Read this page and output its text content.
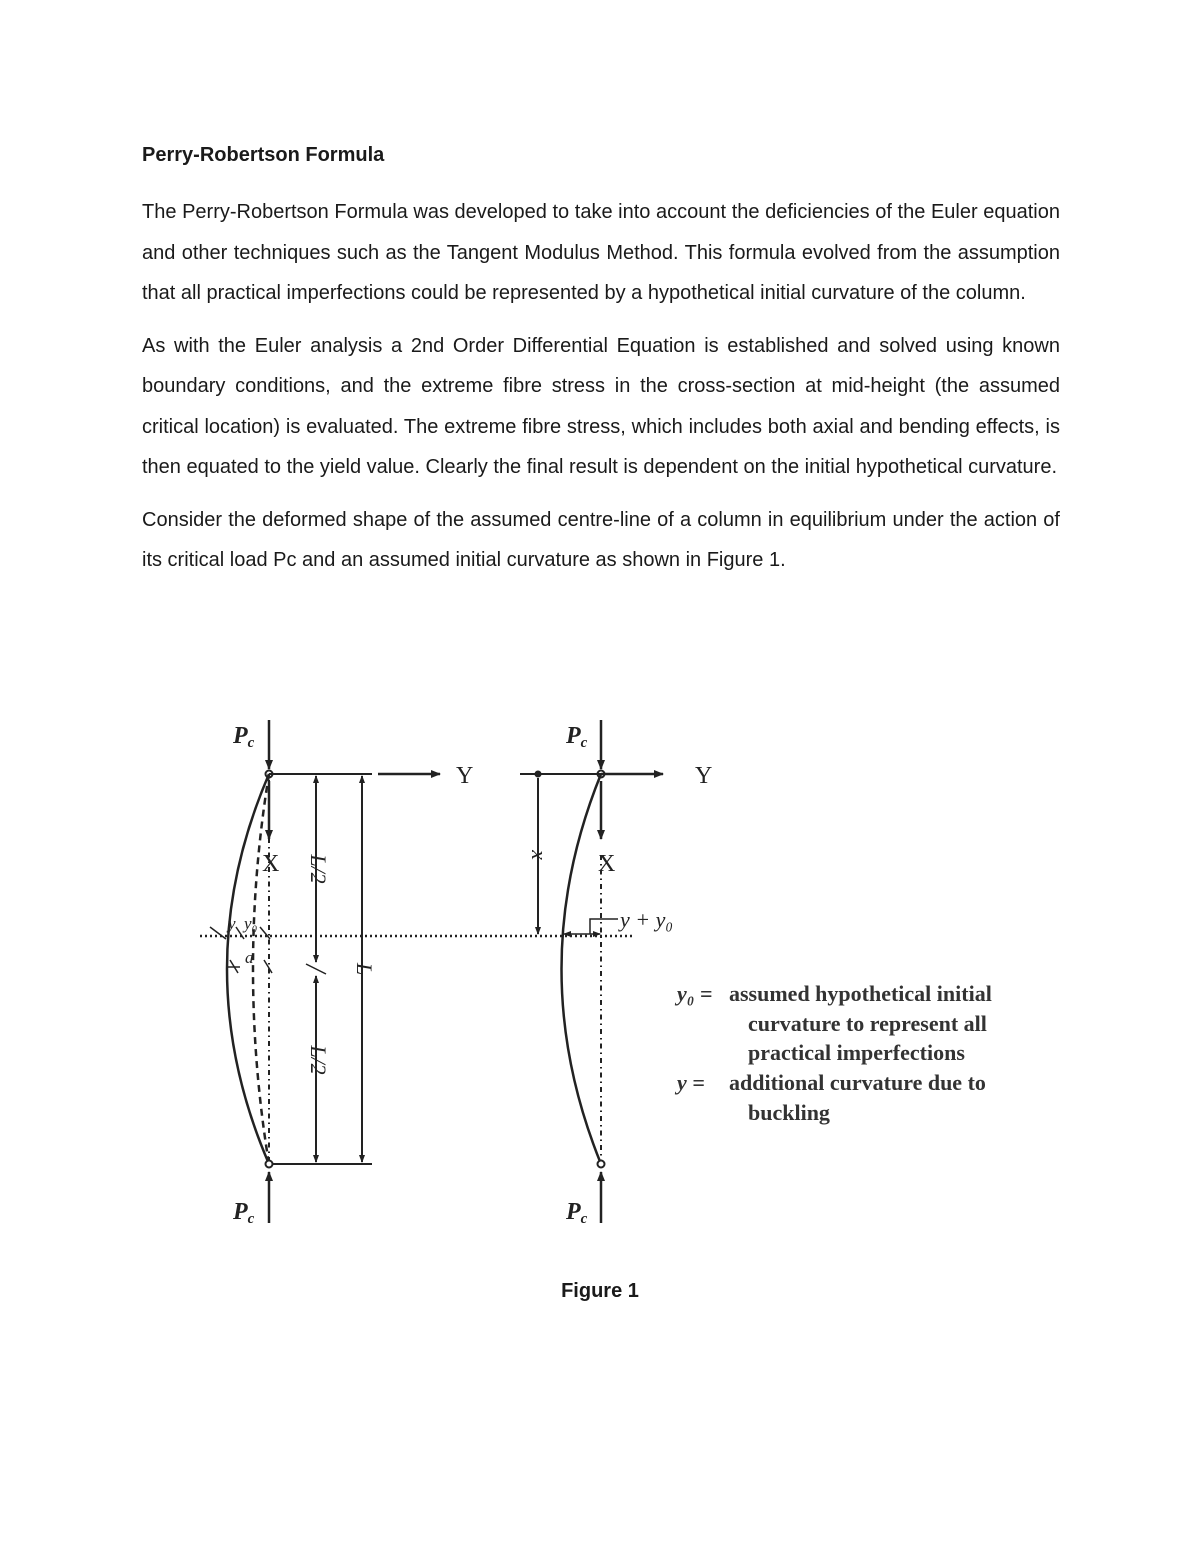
Perry-Robertson Formula

The Perry-Robertson Formula was developed to take into account the deficiencies of the Euler equation and other techniques such as the Tangent Modulus Method. This formula evolved from the assumption that all practical imperfections could be represented by a hypothetical initial curvature of the column.

As with the Euler analysis a 2nd Order Differential Equation is established and solved using known boundary conditions, and the extreme fibre stress in the cross-section at mid-height (the assumed critical location) is evaluated. The extreme fibre stress, which includes both axial and bending effects, is then equated to the yield value. Clearly the final result is dependent on the initial hypothetical curvature.

Consider the deformed shape of the assumed centre-line of a column in equilibrium under the action of its critical load Pc and an assumed initial curvature as shown in Figure 1.

Pc
Y
X
y y₀
a
L/2
L/2
L
Pc
Pc
Y
x X
y + y₀
Pc
y₀ = assumed hypothetical initial
curvature to represent all
practical imperfections
y = additional curvature due to
buckling
Figure 1
